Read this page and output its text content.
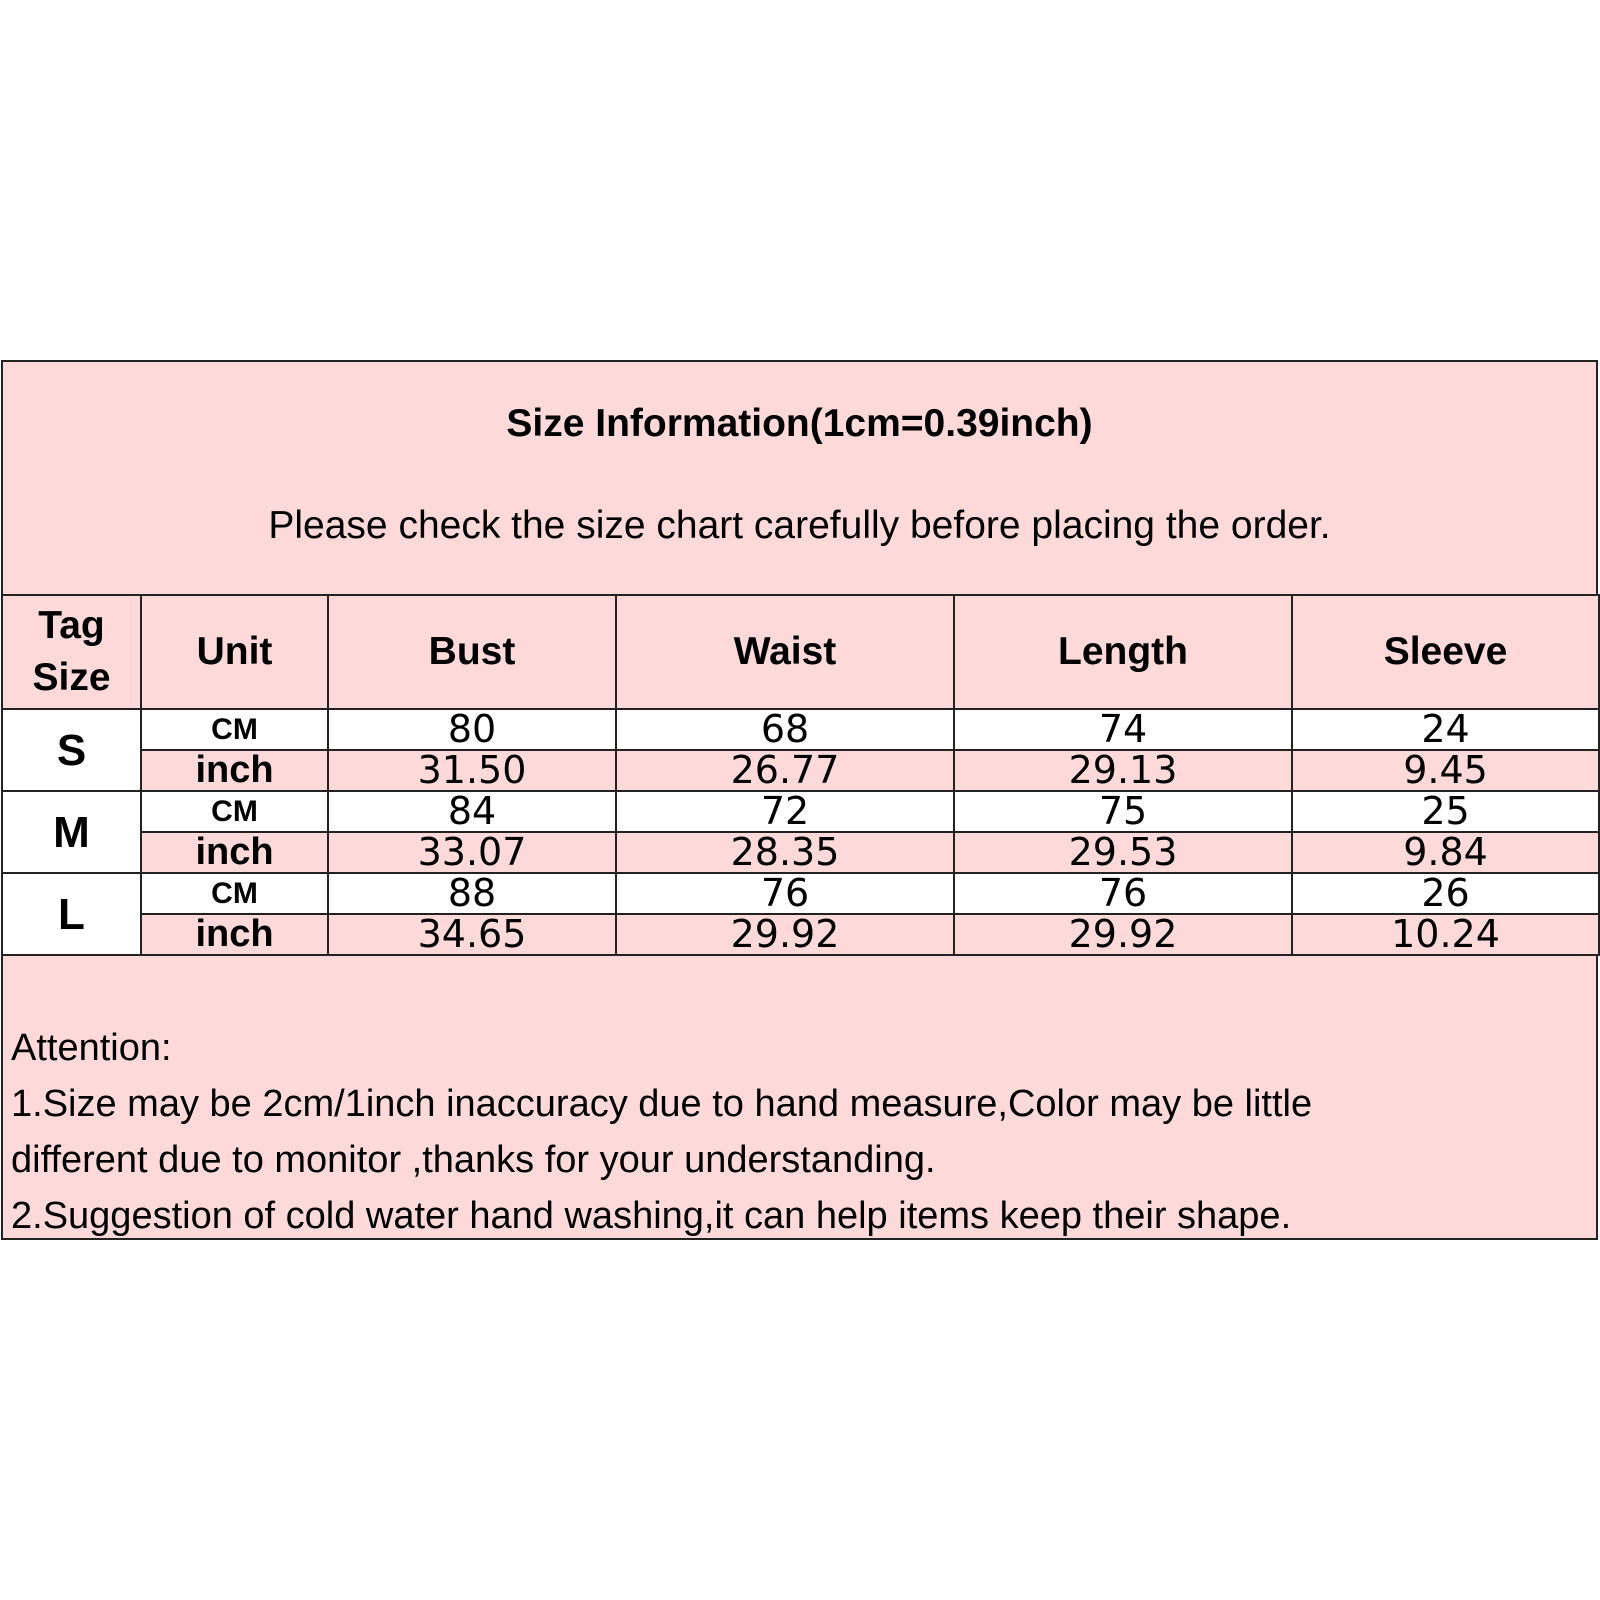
Size Information(1cm=0.39inch)
Please check the size chart carefully before placing the order.
Tag Size	Unit	Bust	Waist	Length	Sleeve
S	CM	80	68	74	24
	inch	31.50	26.77	29.13	9.45
M	CM	84	72	75	25
	inch	33.07	28.35	29.53	9.84
L	CM	88	76	76	26
	inch	34.65	29.92	29.92	10.24
Attention:
1.Size may be 2cm/1inch inaccuracy due to hand measure,Color may be little
different due to monitor ,thanks for your understanding.
2.Suggestion of cold water hand washing,it can help items keep their shape.
